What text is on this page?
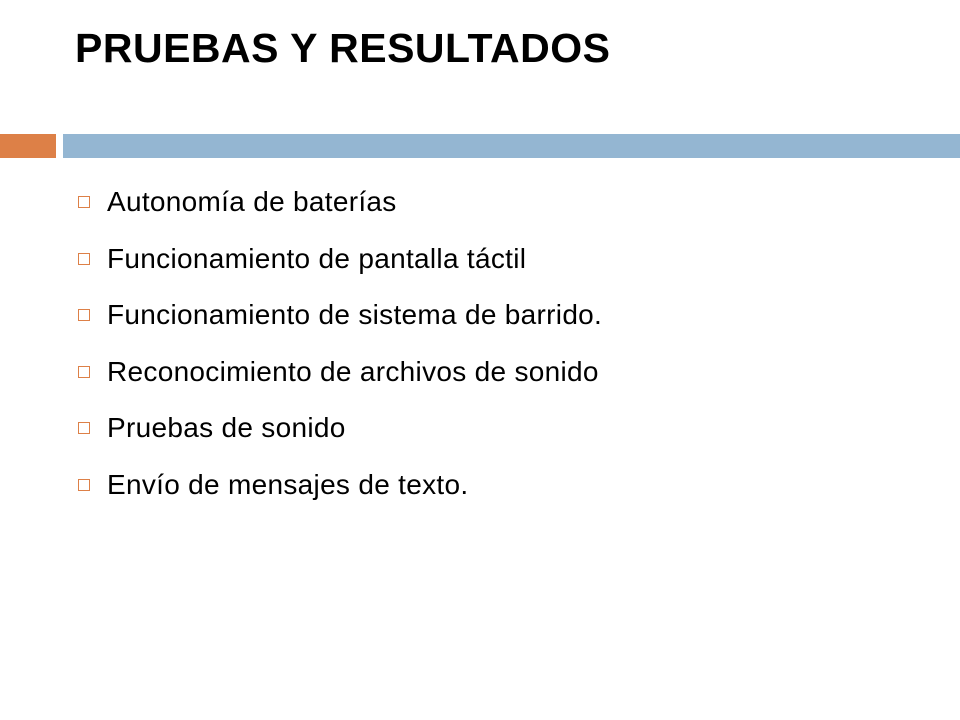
PRUEBAS Y RESULTADOS
Autonomía de baterías
Funcionamiento de pantalla táctil
Funcionamiento de sistema de barrido.
Reconocimiento de archivos de sonido
Pruebas de sonido
Envío de mensajes de texto.
